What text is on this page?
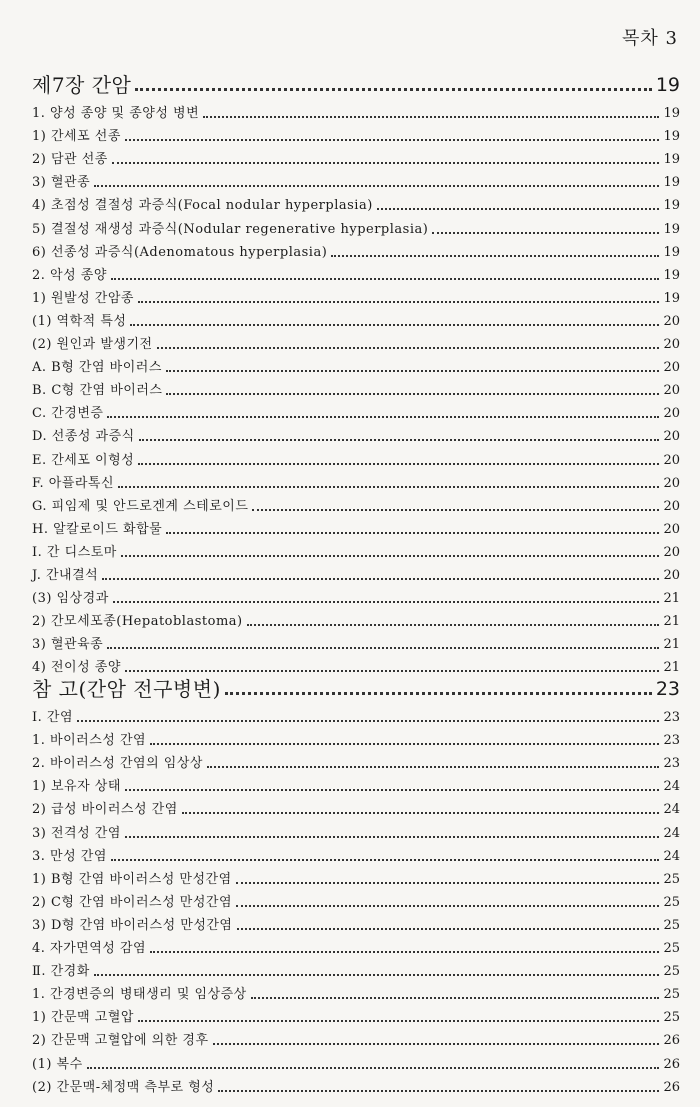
목차 3
제7장 간암	19
1. 양성 종양 및 종양성 병변	19
1) 간세포 선종	19
2) 담관 선종	19
3) 혈관종	19
4) 초점성 결절성 과증식(Focal nodular hyperplasia)	19
5) 결절성 재생성 과증식(Nodular regenerative hyperplasia)	19
6) 선종성 과증식(Adenomatous hyperplasia)	19
2. 악성 종양	19
1) 원발성 간암종	19
(1) 역학적 특성	20
(2) 원인과 발생기전	20
A. B형 간염 바이러스	20
B. C형 간염 바이러스	20
C. 간경변증	20
D. 선종성 과증식	20
E. 간세포 이형성	20
F. 아플라톡신	20
G. 피임제 및 안드로겐계 스테로이드	20
H. 알칼로이드 화합물	20
I. 간 디스토마	20
J. 간내결석	20
(3) 임상경과	21
2) 간모세포종(Hepatoblastoma)	21
3) 혈관육종	21
4) 전이성 종양	21
참 고(간암 전구병변)	23
Ⅰ. 간염	23
1. 바이러스성 간염	23
2. 바이러스성 간염의 임상상	23
1) 보유자 상태	24
2) 급성 바이러스성 간염	24
3) 전격성 간염	24
3. 만성 간염	24
1) B형 간염 바이러스성 만성간염	25
2) C형 간염 바이러스성 만성간염	25
3) D형 간염 바이러스성 만성간염	25
4. 자가면역성 감염	25
Ⅱ. 간경화	25
1. 간경변증의 병태생리 및 임상증상	25
1) 간문맥 고혈압	25
2) 간문맥 고혈압에 의한 경후	26
(1) 복수	26
(2) 간문맥-체정맥 측부로 형성	26
